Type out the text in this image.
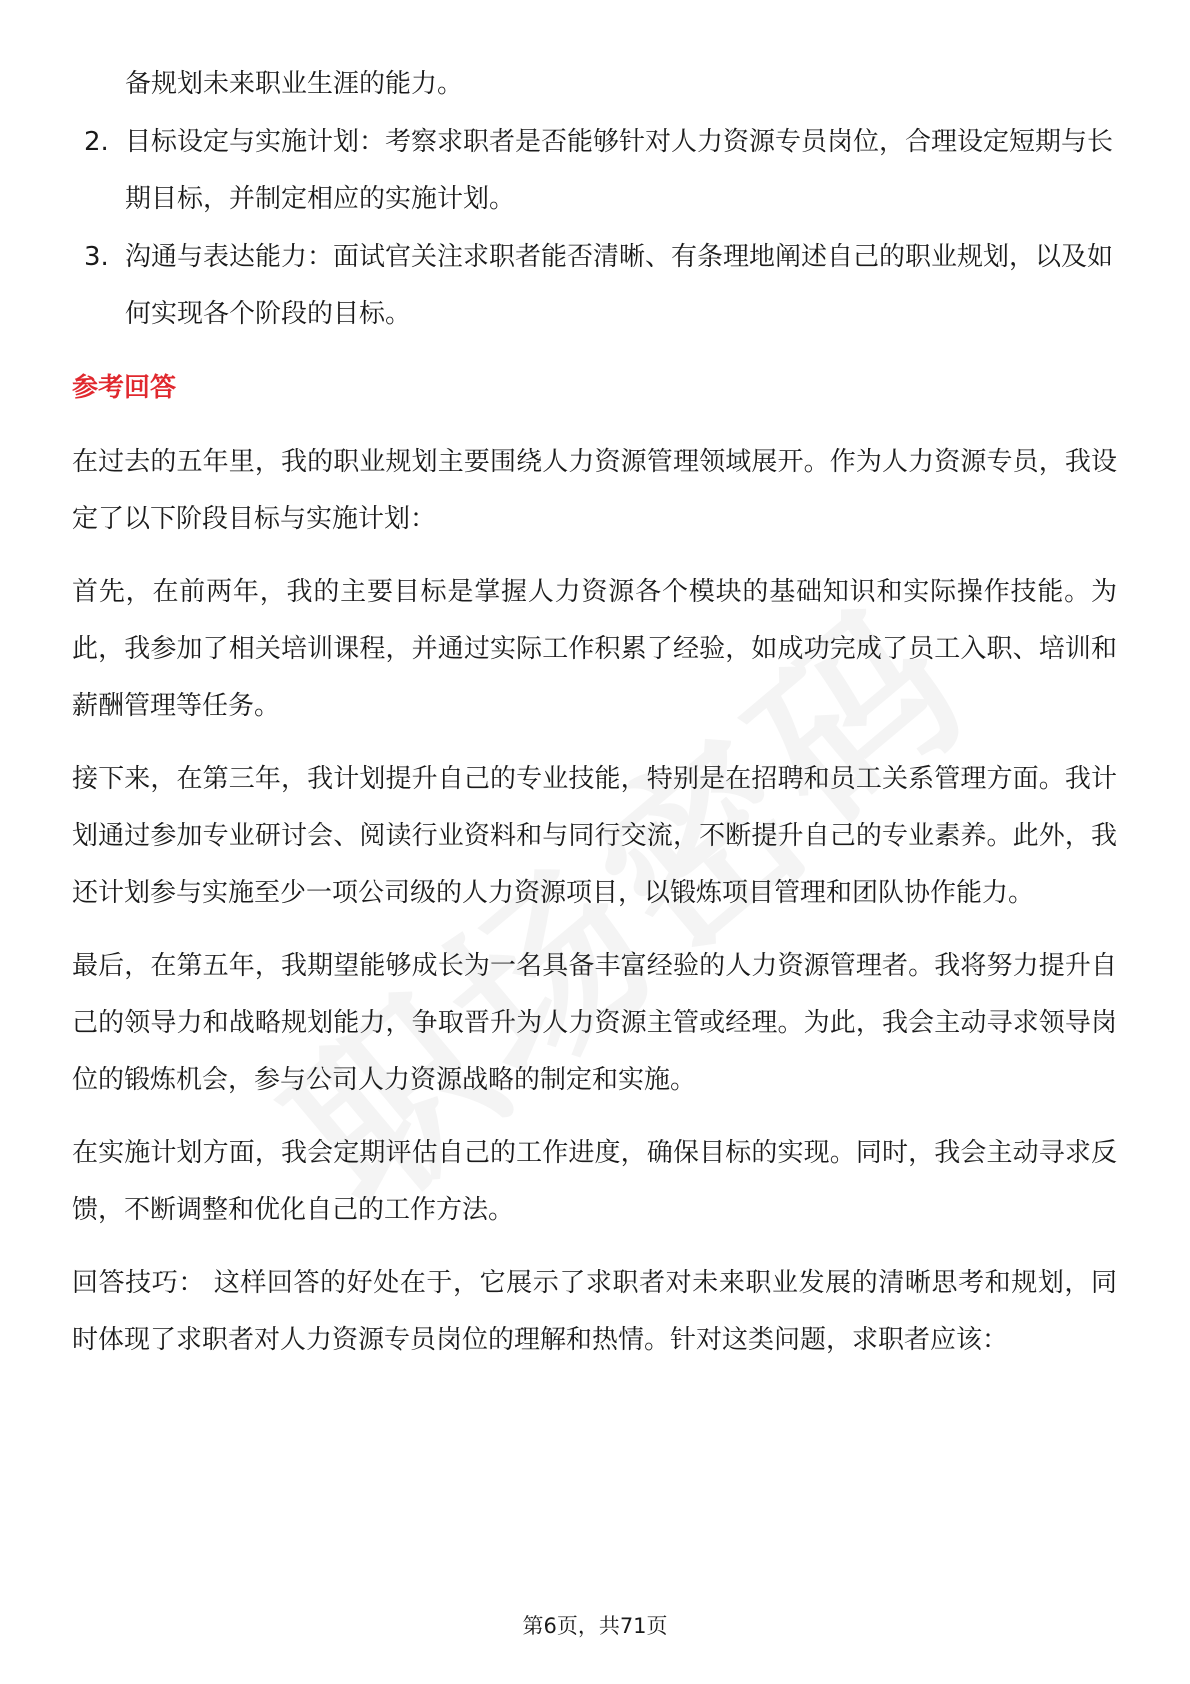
备规划未来职业生涯的能力。
2. 目标设定与实施计划：考察求职者是否能够针对人力资源专员岗位，合理设定短期与长期目标，并制定相应的实施计划。
3. 沟通与表达能力：面试官关注求职者能否清晰、有条理地阐述自己的职业规划，以及如何实现各个阶段的目标。
参考回答

在过去的五年里，我的职业规划主要围绕人力资源管理领域展开。作为人力资源专员，我设定了以下阶段目标与实施计划：

首先，在前两年，我的主要目标是掌握人力资源各个模块的基础知识和实际操作技能。为此，我参加了相关培训课程，并通过实际工作积累了经验，如成功完成了员工入职、培训和薪酬管理等任务。

接下来，在第三年，我计划提升自己的专业技能，特别是在招聘和员工关系管理方面。我计划通过参加专业研讨会、阅读行业资料和与同行交流，不断提升自己的专业素养。此外，我还计划参与实施至少一项公司级的人力资源项目，以锻炼项目管理和团队协作能力。

最后，在第五年，我期望能够成长为一名具备丰富经验的人力资源管理者。我将努力提升自己的领导力和战略规划能力，争取晋升为人力资源主管或经理。为此，我会主动寻求领导岗位的锻炼机会，参与公司人力资源战略的制定和实施。

在实施计划方面，我会定期评估自己的工作进度，确保目标的实现。同时，我会主动寻求反馈，不断调整和优化自己的工作方法。

回答技巧： 这样回答的好处在于，它展示了求职者对未来职业发展的清晰思考和规划，同时体现了求职者对人力资源专员岗位的理解和热情。针对这类问题，求职者应该：

第6页，共71页
